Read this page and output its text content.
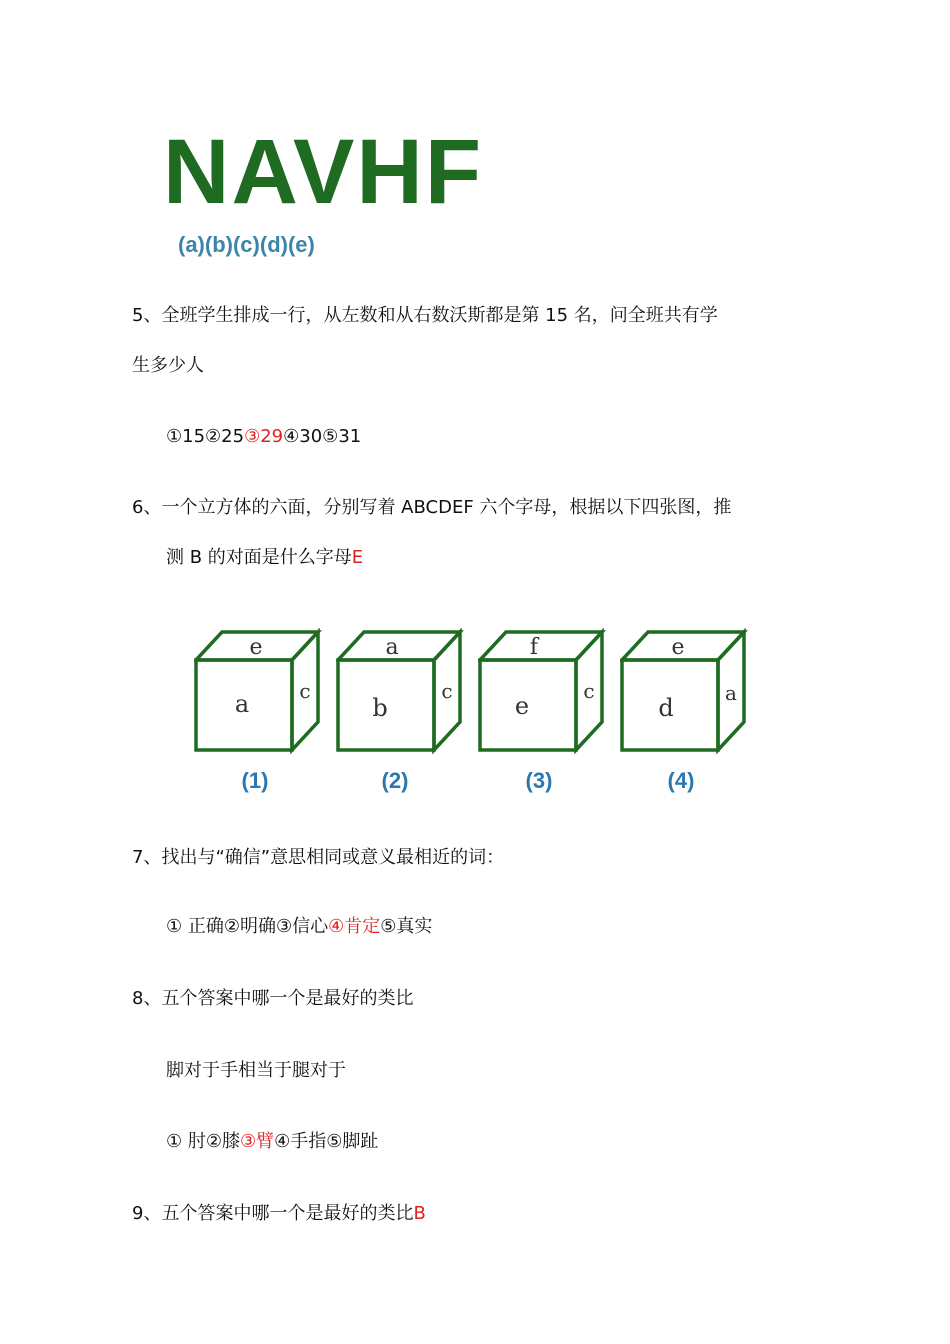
NAVHF
(a)(b)(c)(d)(e)
5、全班学生排成一行，从左数和从右数沃斯都是第 15 名，问全班共有学
生多少人
①15②25③29④30⑤31
6、一个立方体的六面，分别写着 ABCDEF 六个字母，根据以下四张图，推
测 B 的对面是什么字母E
e
a	c
(1)
a
b
c
(2)
f
e
c
(3)
e
d
a
(4)
7、找出与“确信”意思相同或意义最相近的词：
① 正确②明确③信心④肯定⑤真实
8、五个答案中哪一个是最好的类比
脚对于手相当于腿对于
① 肘②膝③臂④手指⑤脚趾
9、五个答案中哪一个是最好的类比B
